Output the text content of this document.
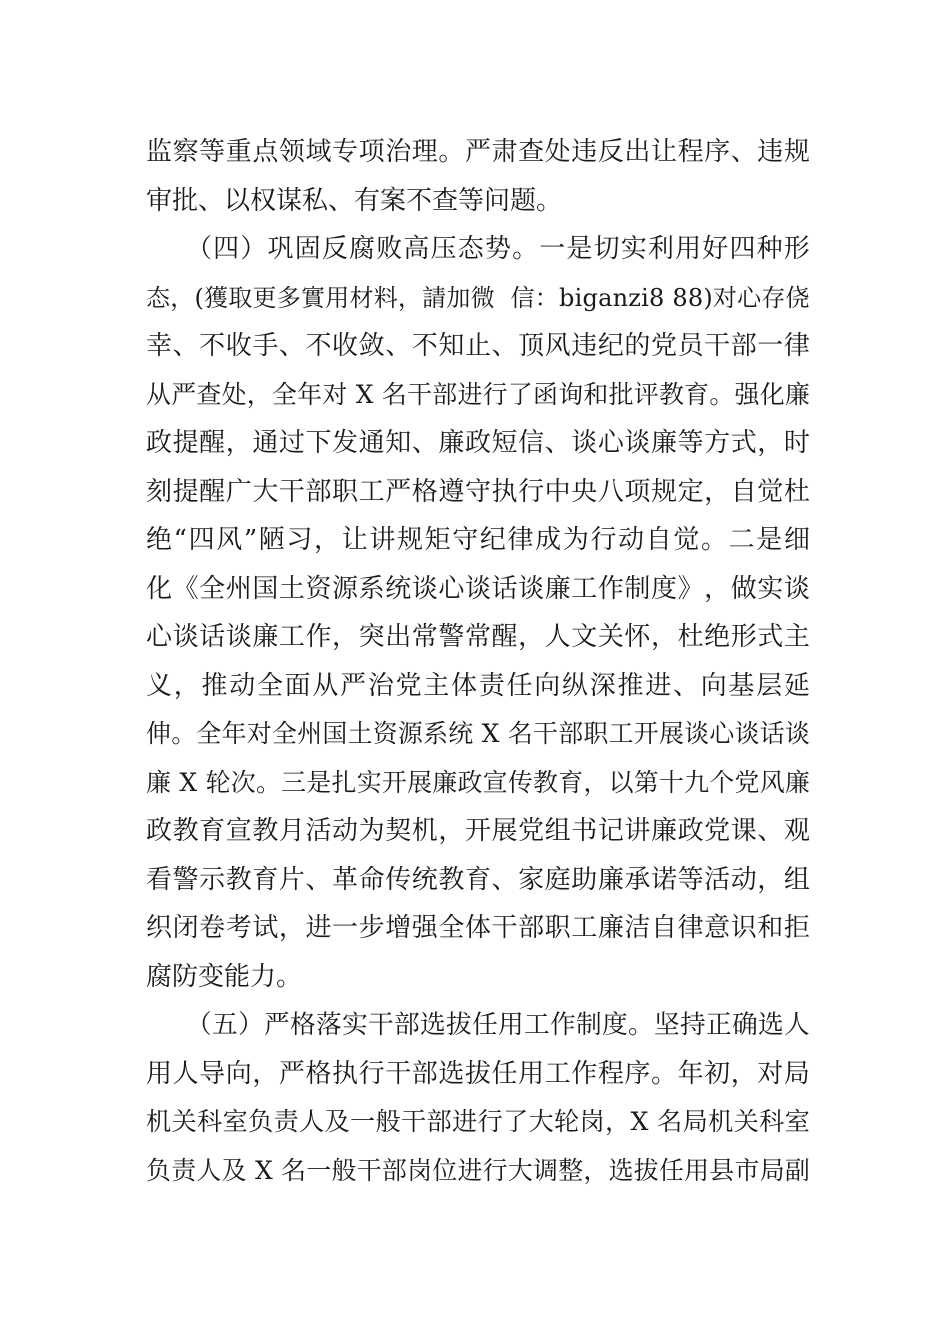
监 察 等 重 点 领 域 专 项 治 理 。 严 肃 查 处 违 反 出 让 程 序 、 违 规
审批、以权谋私、有案不查等问题。
（ 四 ） 巩 固 反 腐 败 高 压 态 势 。 一 是 切 实 利 用 好 四 种 形
态 ， ( 獲 取 更 多 實 用 材 料 ， 請 加 微

信 ： b i g a n z i 8
8 8 ) 对 心 存 侥
幸 、 不 收 手 、 不 收 敛 、 不 知 止 、 顶 风 违 纪 的 党 员 干 部 一 律
从 严 查 处 ， 全 年 对
X
名 干 部 进 行 了 函 询 和 批 评 教 育 。 强 化 廉
政 提 醒 ， 通 过 下 发 通 知 、 廉 政 短 信 、 谈 心 谈 廉 等 方 式 ， 时
刻 提 醒 广 大 干 部 职 工 严 格 遵 守 执 行 中 央 八 项 规 定 ， 自 觉 杜
绝 “ 四 风 ” 陋 习 ， 让 讲 规 矩 守 纪 律 成 为 行 动 自 觉 。 二 是 细
化 《 全 州 国 土 资 源 系 统 谈 心 谈 话 谈 廉 工 作 制 度 》 ， 做 实 谈
心 谈 话 谈 廉 工 作 ， 突 出 常 警 常 醒 ， 人 文 关 怀 ， 杜 绝 形 式 主
义 ， 推 动 全 面 从 严 治 党 主 体 责 任 向 纵 深 推 进 、 向 基 层 延
伸 。 全 年 对 全 州 国 土 资 源 系 统
X
名 干 部 职 工 开 展 谈 心 谈 话 谈
廉
X
轮 次 。 三 是 扎 实 开 展 廉 政 宣 传 教 育 ， 以 第 十 九 个 党 风 廉
政 教 育 宣 教 月 活 动 为 契 机 ， 开 展 党 组 书 记 讲 廉 政 党 课 、 观
看 警 示 教 育 片 、 革 命 传 统 教 育 、 家 庭 助 廉 承 诺 等 活 动 ， 组
织 闭 卷 考 试 ， 进 一 步 增 强 全 体 干 部 职 工 廉 洁 自 律 意 识 和 拒
腐防变能力。
（ 五 ） 严 格 落 实 干 部 选 拔 任 用 工 作 制 度 。 坚 持 正 确 选 人
用 人 导 向 ， 严 格 执 行 干 部 选 拔 任 用 工 作 程 序 。 年 初 ， 对 局
机 关 科 室 负 责 人 及 一 般 干 部 进 行 了 大 轮 岗 ， X
名 局 机 关 科 室
负 责 人 及
X
名 一 般 干 部 岗 位 进 行 大 调 整 ， 选 拔 任 用 县 市 局 副
